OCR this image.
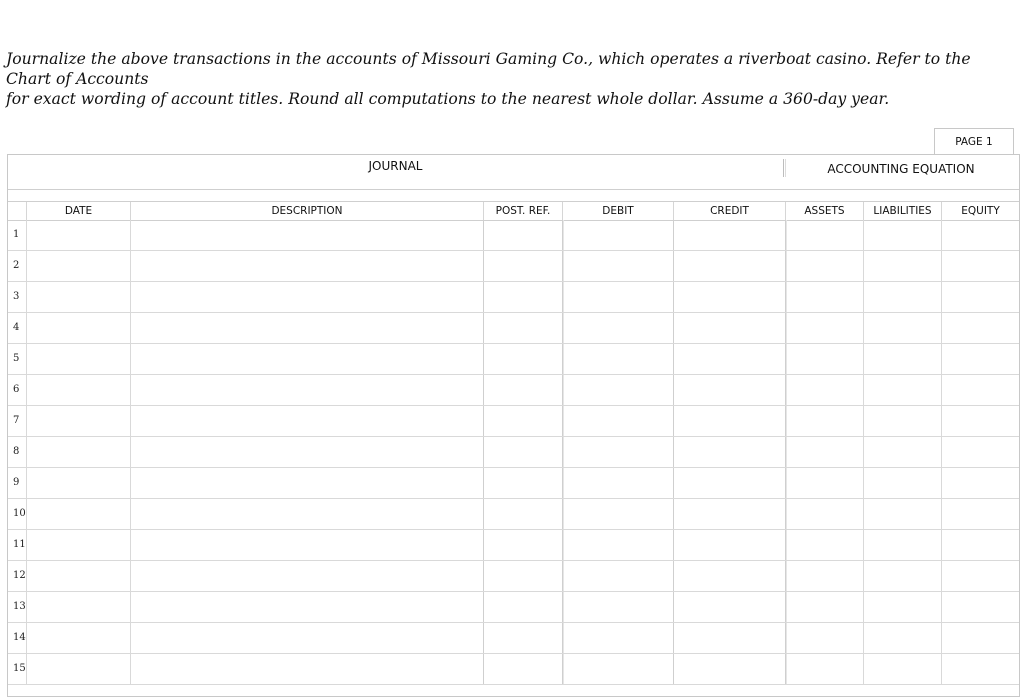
Journalize the above transactions in the accounts of Missouri Gaming Co., which operates a riverboat casino. Refer to the Chart of Accounts

for exact wording of account titles. Round all computations to the nearest whole dollar. Assume a 360-day year.

PAGE 1
JOURNAL	ACCOUNTING EQUATION
DATE	DESCRIPTION	POST. REF.	DEBIT	CREDIT	ASSETS	LIABILITIES	EQUITY
1
2
3
4
5
6
7
8
9
10
11
12
13
14
15
